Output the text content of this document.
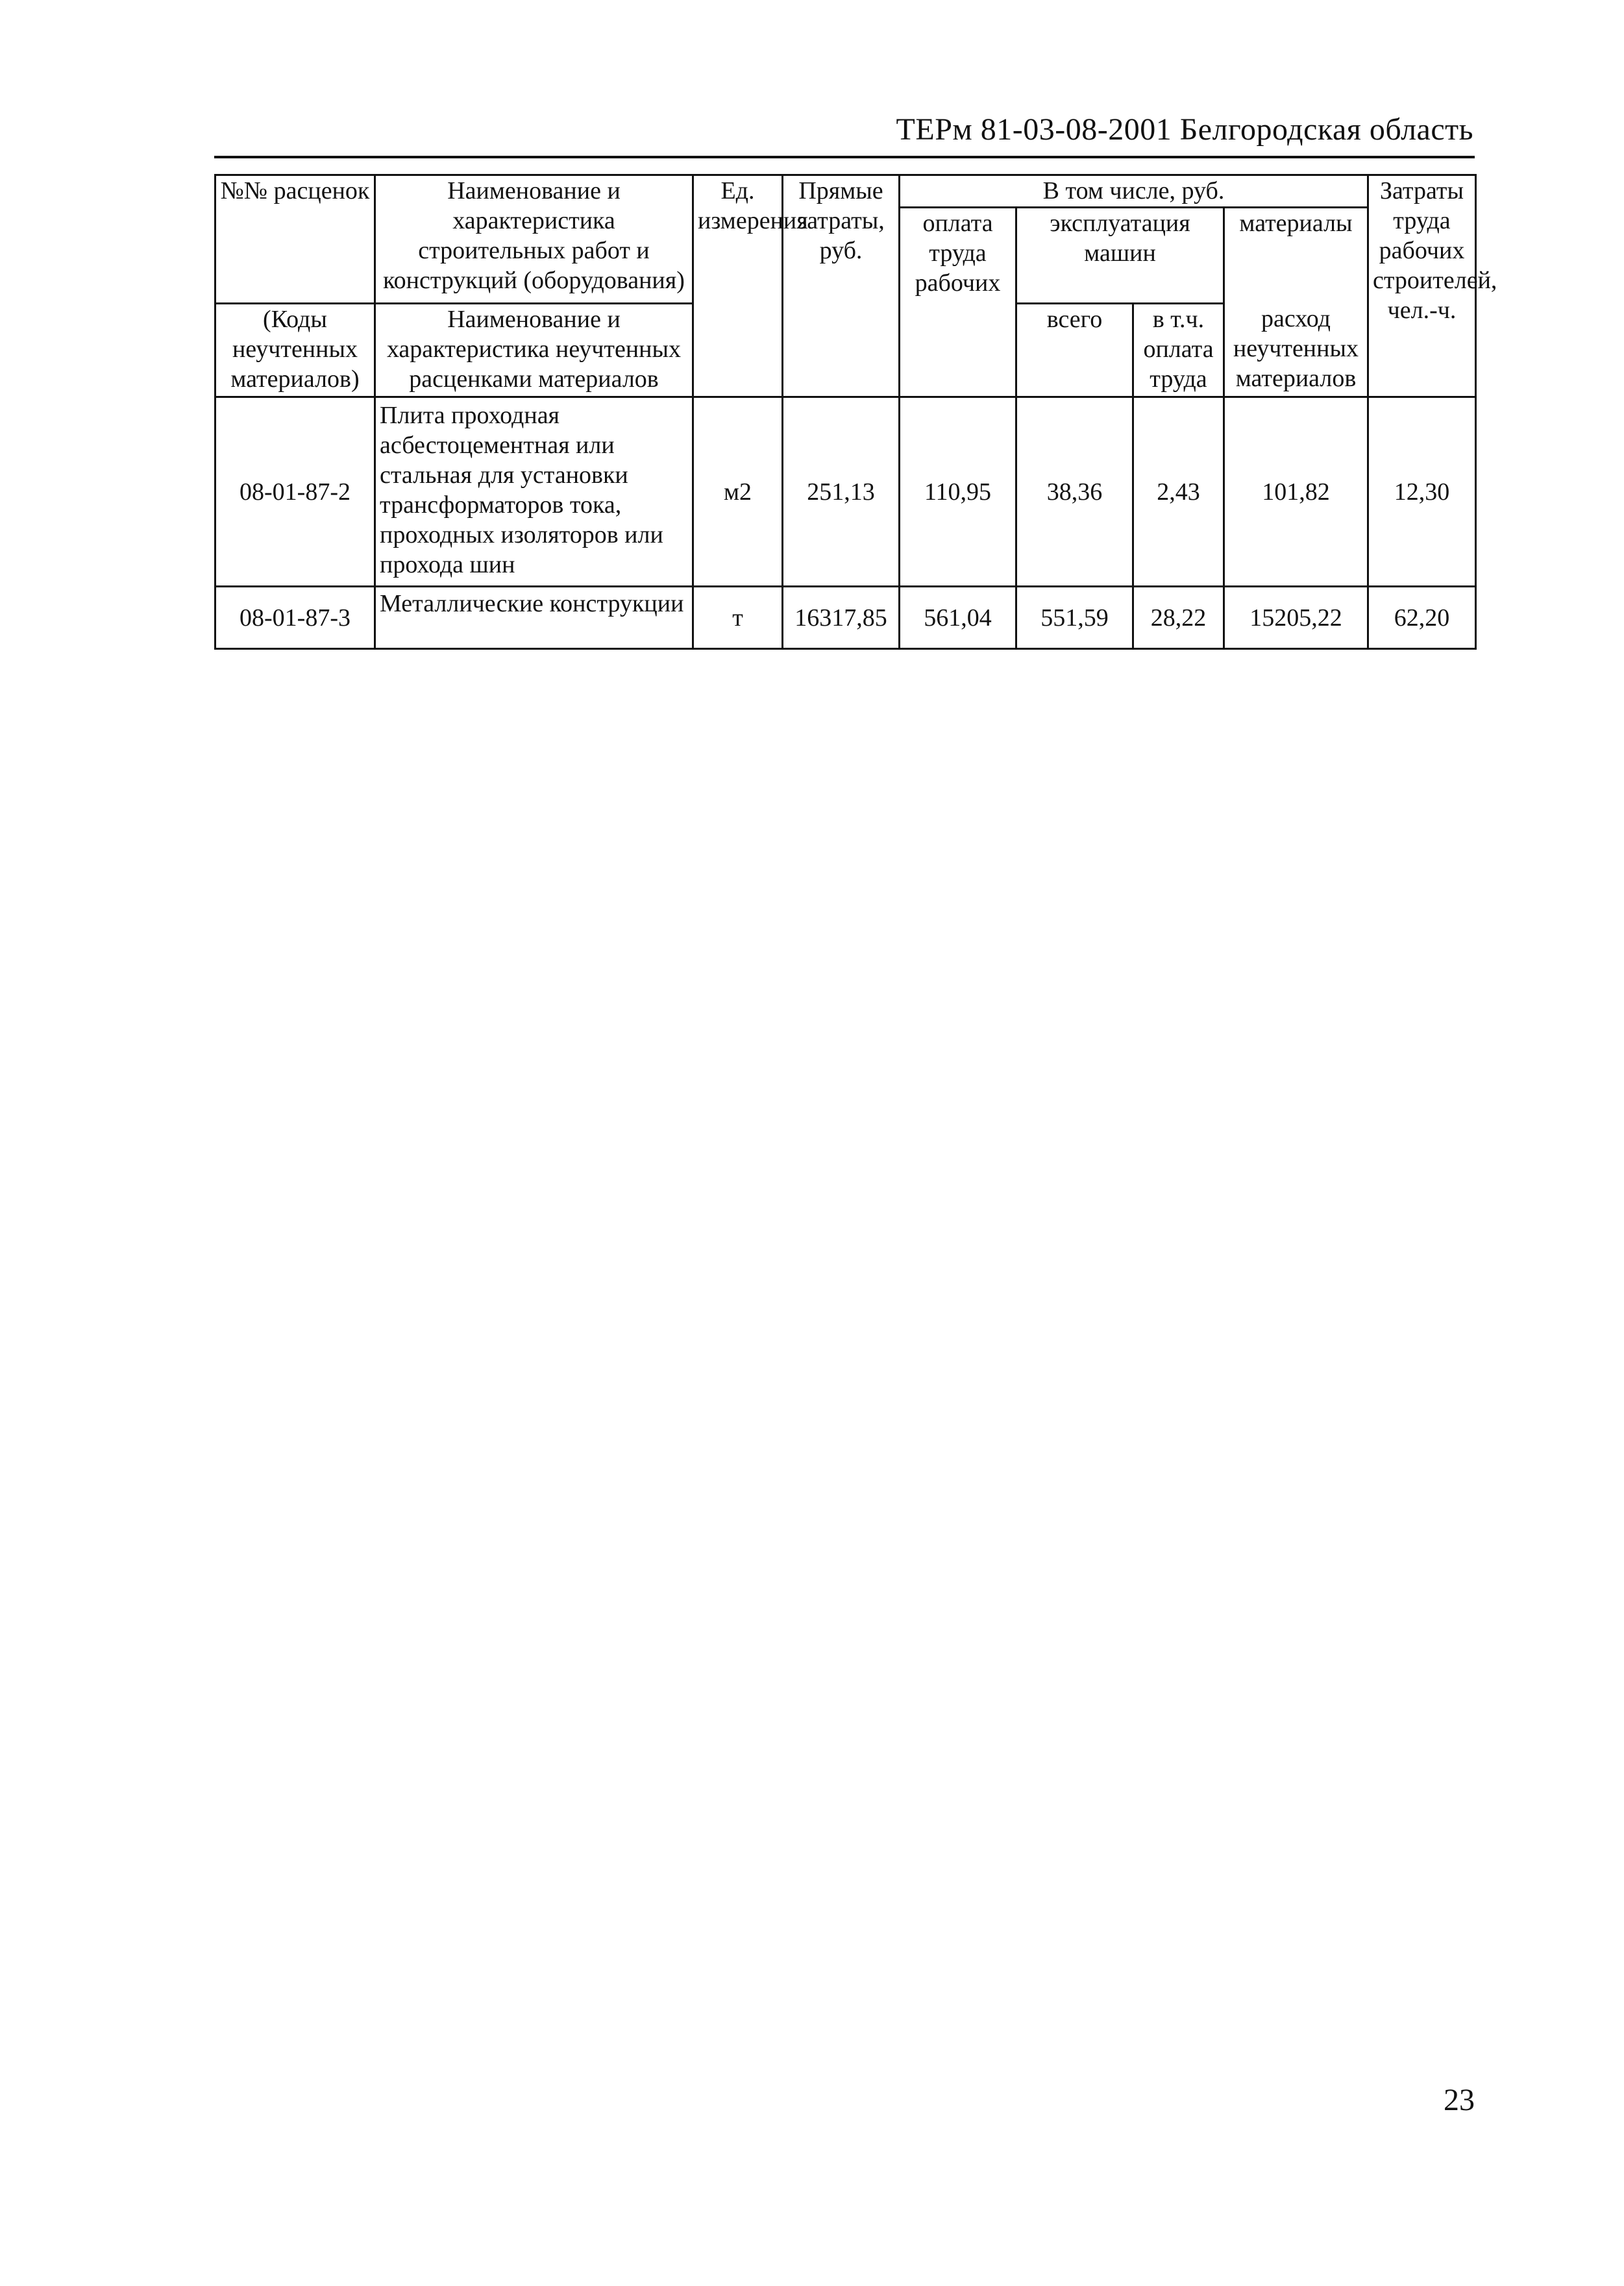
ТЕРм 81-03-08-2001 Белгородская область
№№ расценок	Наименование и характеристика строительных работ и конструкций (оборудования)	Ед. измерения	Прямые затраты, руб.	В том числе, руб.				Затраты труда рабочих строителей, чел.-ч.
				оплата труда рабочих	эксплуатация машин		материалы	

(Коды неучтенных материалов)	Наименование и характеристика неучтенных расценками материалов				всего	в т.ч. оплата труда	расход неучтенных материалов	

08-01-87-2	Плита проходная асбестоцементная или стальная для установки трансформаторов тока, проходных изоляторов или прохода шин	м2	251,13	110,95	38,36	2,43	101,82	12,30
08-01-87-3	Металлические конструкции	т	16317,85	561,04	551,59	28,22	15205,22	62,20
23
